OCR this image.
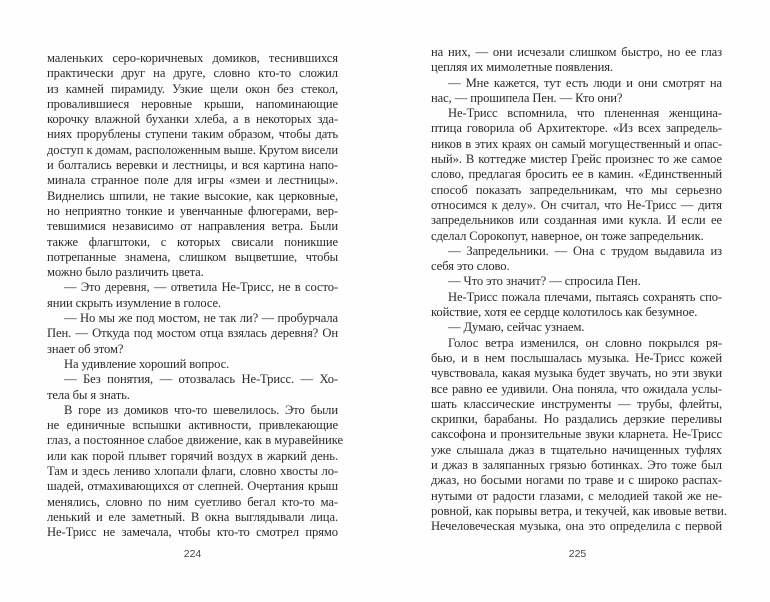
маленьких серо-коричневых домиков, теснившихся
практически друг на друге, словно кто-то сложил
из камней пирамиду. Узкие щели окон без стекол,
провалившиеся неровные крыши, напоминающие
корочку влажной буханки хлеба, а в некоторых зда-
ниях прорублены ступени таким образом, чтобы дать
доступ к домам, расположенным выше. Крутом висели
и болтались веревки и лестницы, и вся картина напо-
минала странное поле для игры «змеи и лестницы».
Виднелись шпили, не такие высокие, как церковные,
но неприятно тонкие и увенчанные флюгерами, вер-
тевшимися независимо от направления ветра. Были
также флагштоки, с которых свисали поникшие
потрепанные знамена, слишком выцветшие, чтобы
можно было различить цвета.
— Это деревня, — ответила Не-Трисс, не в состо-
янии скрыть изумление в голосе.
— Но мы же под мостом, не так ли? — пробурчала
Пен. — Откуда под мостом отца взялась деревня? Он
знает об этом?
На удивление хороший вопрос.
— Без понятия, — отозвалась Не-Трисс. — Хо-
тела бы я знать.
В горе из домиков что-то шевелилось. Это были
не единичные вспышки активности, привлекающие
глаз, а постоянное слабое движение, как в муравейнике
или как порой плывет горячий воздух в жаркий день.
Там и здесь лениво хлопали флаги, словно хвосты ло-
шадей, отмахивающихся от слепней. Очертания крыш
менялись, словно по ним суетливо бегал кто-то ма-
ленький и еле заметный. В окна выглядывали лица.
Не-Трисс не замечала, чтобы кто-то смотрел прямо
224
на них, — они исчезали слишком быстро, но ее глаз
цепляя их мимолетные появления.
— Мне кажется, тут есть люди и они смотрят на
нас, — прошипела Пен. — Кто они?
Не-Трисс вспомнила, что плененная женщина-
птица говорила об Архитекторе. «Из всех запредель-
ников в этих краях он самый могущественный и опас-
ный». В коттедже мистер Грейс произнес то же самое
слово, предлагая бросить ее в камин. «Единственный
способ показать запредельникам, что мы серьезно
относимся к делу». Он считал, что Не-Трисс — дитя
запредельников или созданная ими кукла. И если ее
сделал Сорокопут, наверное, он тоже запредельник.
— Запредельники. — Она с трудом выдавила из
себя это слово.
— Что это значит? — спросила Пен.
Не-Трисс пожала плечами, пытаясь сохранять спо-
койствие, хотя ее сердце колотилось как безумное.
— Думаю, сейчас узнаем.
Голос ветра изменился, он словно покрылся ря-
бью, и в нем послышалась музыка. Не-Трисс кожей
чувствовала, какая музыка будет звучать, но эти звуки
все равно ее удивили. Она поняла, что ожидала услы-
шать классические инструменты — трубы, флейты,
скрипки, барабаны. Но раздались дерзкие переливы
саксофона и пронзительные звуки кларнета. Не-Трисс
уже слышала джаз в тщательно начищенных туфлях
и джаз в заляпанных грязью ботинках. Это тоже был
джаз, но босыми ногами по траве и с широко распах-
нутыми от радости глазами, с мелодией такой же не-
ровной, как порывы ветра, и текучей, как ивовые ветви.
Нечеловеческая музыка, она это определила с первой
225
